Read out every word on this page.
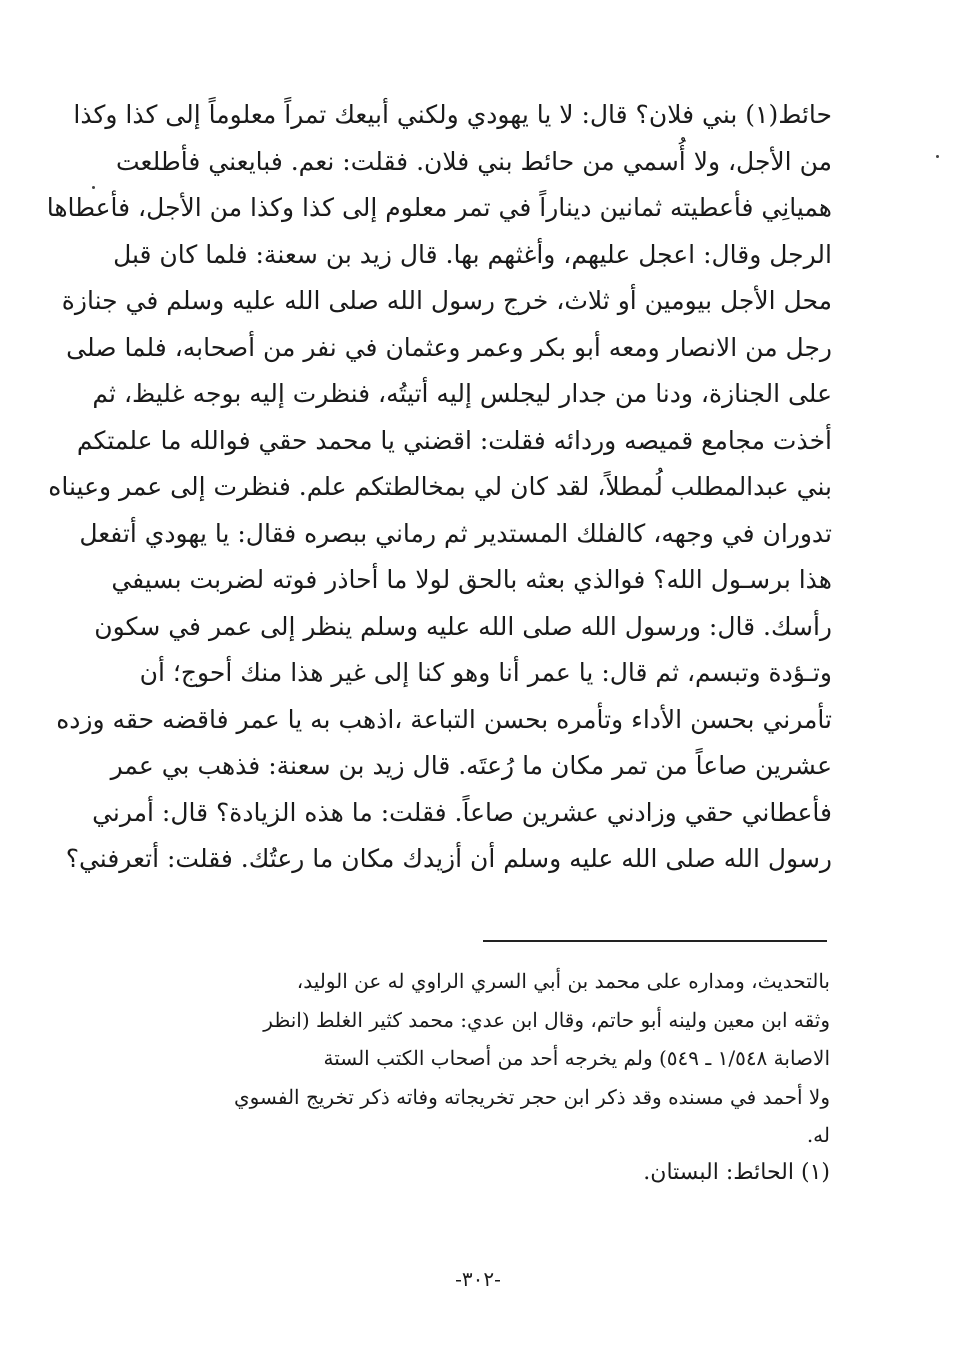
حائط(١) بني فلان؟ قال: لا يا يهودي ولكني أبيعك تمراً معلوماً إلى كذا وكذا
من الأجل، ولا أُسمي من حائط بني فلان. فقلت: نعم. فبايعني فأطلعت
هميانِي فأعطيته ثمانين ديناراً في تمر معلوم إلى كذا وكذا من الأجل، فأعطاها
الرجل وقال: اعجل عليهم، وأغثهم بها. قال زيد بن سعنة: فلما كان قبل
محل الأجل بيومين أو ثلاث، خرج رسول الله صلى الله عليه وسلم في جنازة
رجل من الانصار ومعه أبو بكر وعمر وعثمان في نفر من أصحابه، فلما صلى
على الجنازة، ودنا من جدار ليجلس إليه أتيتُه، فنظرت إليه بوجه غليظ، ثم
أخذت مجامع قميصه وردائه فقلت: اقضني يا محمد حقي فوالله ما علمتكم
بني عبدالمطلب لُمطلاً، لقد كان لي بمخالطتكم علم. فنظرت إلى عمر وعيناه
تدوران في وجهه، كالفلك المستدير ثم رماني ببصره فقال: يا يهودي أتفعل
هذا برسـول الله؟ فوالذي بعثه بالحق لولا ما أحاذر فوته لضربت بسيفي
رأسك. قال: ورسول الله صلى الله عليه وسلم ينظر إلى عمر في سكون
وتـؤدة وتبسم، ثم قال: يا عمر أنا وهو كنا إلى غير هذا منك أحوج؛ أن
تأمرني بحسن الأداء وتأمره بحسن التباعة ،اذهب به يا عمر فاقضه حقه وزده
عشرين صاعاً من تمر مكان ما رُعتَه. قال زيد بن سعنة: فذهب بي عمر
فأعطاني حقي وزادني عشرين صاعاً. فقلت: ما هذه الزيادة؟ قال: أمرني
رسول الله صلى الله عليه وسلم أن أزيدك مكان ما رعتُك. فقلت: أتعرفني؟
بالتحديث، ومداره على محمد بن أبي السري الراوي له عن الوليد،
وثقه ابن معين ولينه أبو حاتم، وقال ابن عدي: محمد كثير الغلط (انظر
الاصابة ١/٥٤٨ ـ ٥٤٩) ولم يخرجه أحد من أصحاب الكتب الستة
ولا أحمد في مسنده وقد ذكر ابن حجر تخريجاته وفاته ذكر تخريج الفسوي
له.
(١) الحائط: البستان.
-٣٠٢-
